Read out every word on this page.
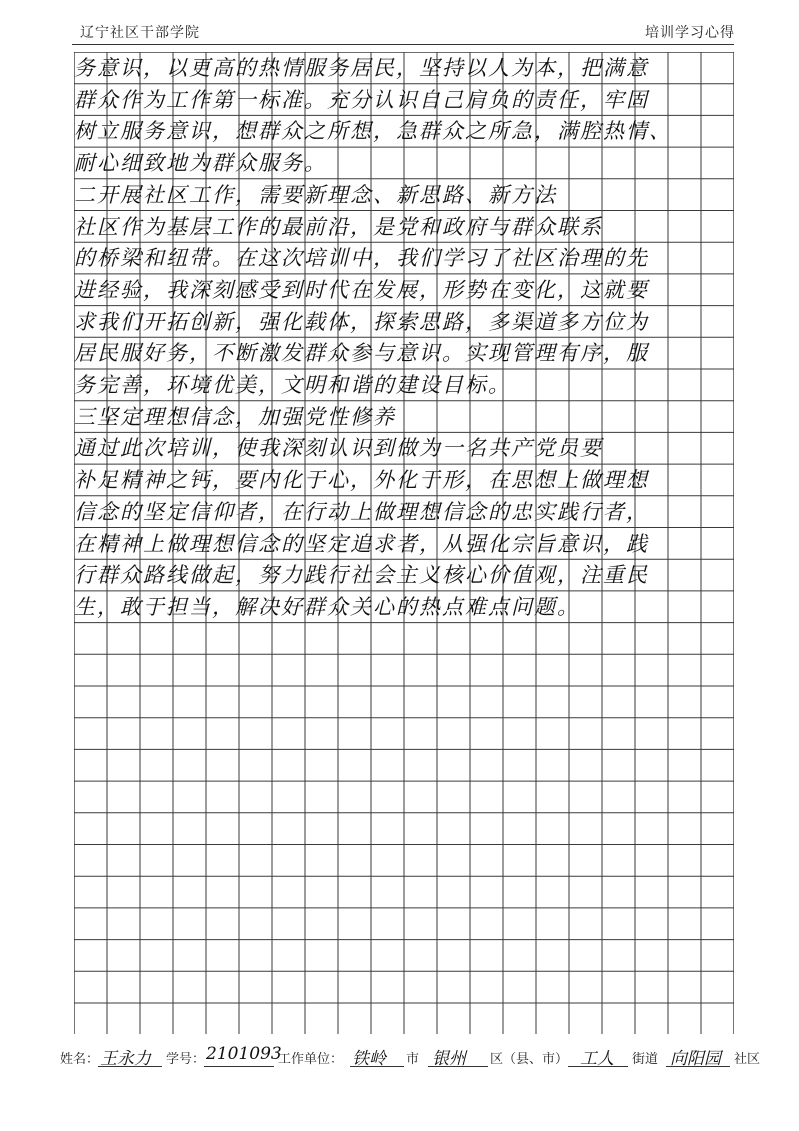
辽宁社区干部学院	培训学习心得
务意识，以更高的热情服务居民，坚持以人为本，把满意
群众作为工作第一标准。充分认识自己肩负的责任，牢固
树立服务意识，想群众之所想，急群众之所急，满腔热情、
耐心细致地为群众服务。
二开展社区工作，需要新理念、新思路、新方法
社区作为基层工作的最前沿，是党和政府与群众联系
的桥梁和纽带。在这次培训中，我们学习了社区治理的先
进经验，我深刻感受到时代在发展，形势在变化，这就要
求我们开拓创新，强化载体，探索思路，多渠道多方位为
居民服好务，不断激发群众参与意识。实现管理有序，服
务完善，环境优美，文明和谐的建设目标。
三坚定理想信念，加强党性修养
通过此次培训，使我深刻认识到做为一名共产党员要
补足精神之钙，要内化于心，外化于形，在思想上做理想
信念的坚定信仰者，在行动上做理想信念的忠实践行者，
在精神上做理想信念的坚定追求者，从强化宗旨意识，践
行群众路线做起，努力践行社会主义核心价值观，注重民
生，敢于担当，解决好群众关心的热点难点问题。
姓名： 王永力 学号： 2101093
工作单位： 铁岭 市 银州 区（县、市） 工人 街道 向阳园 社区
